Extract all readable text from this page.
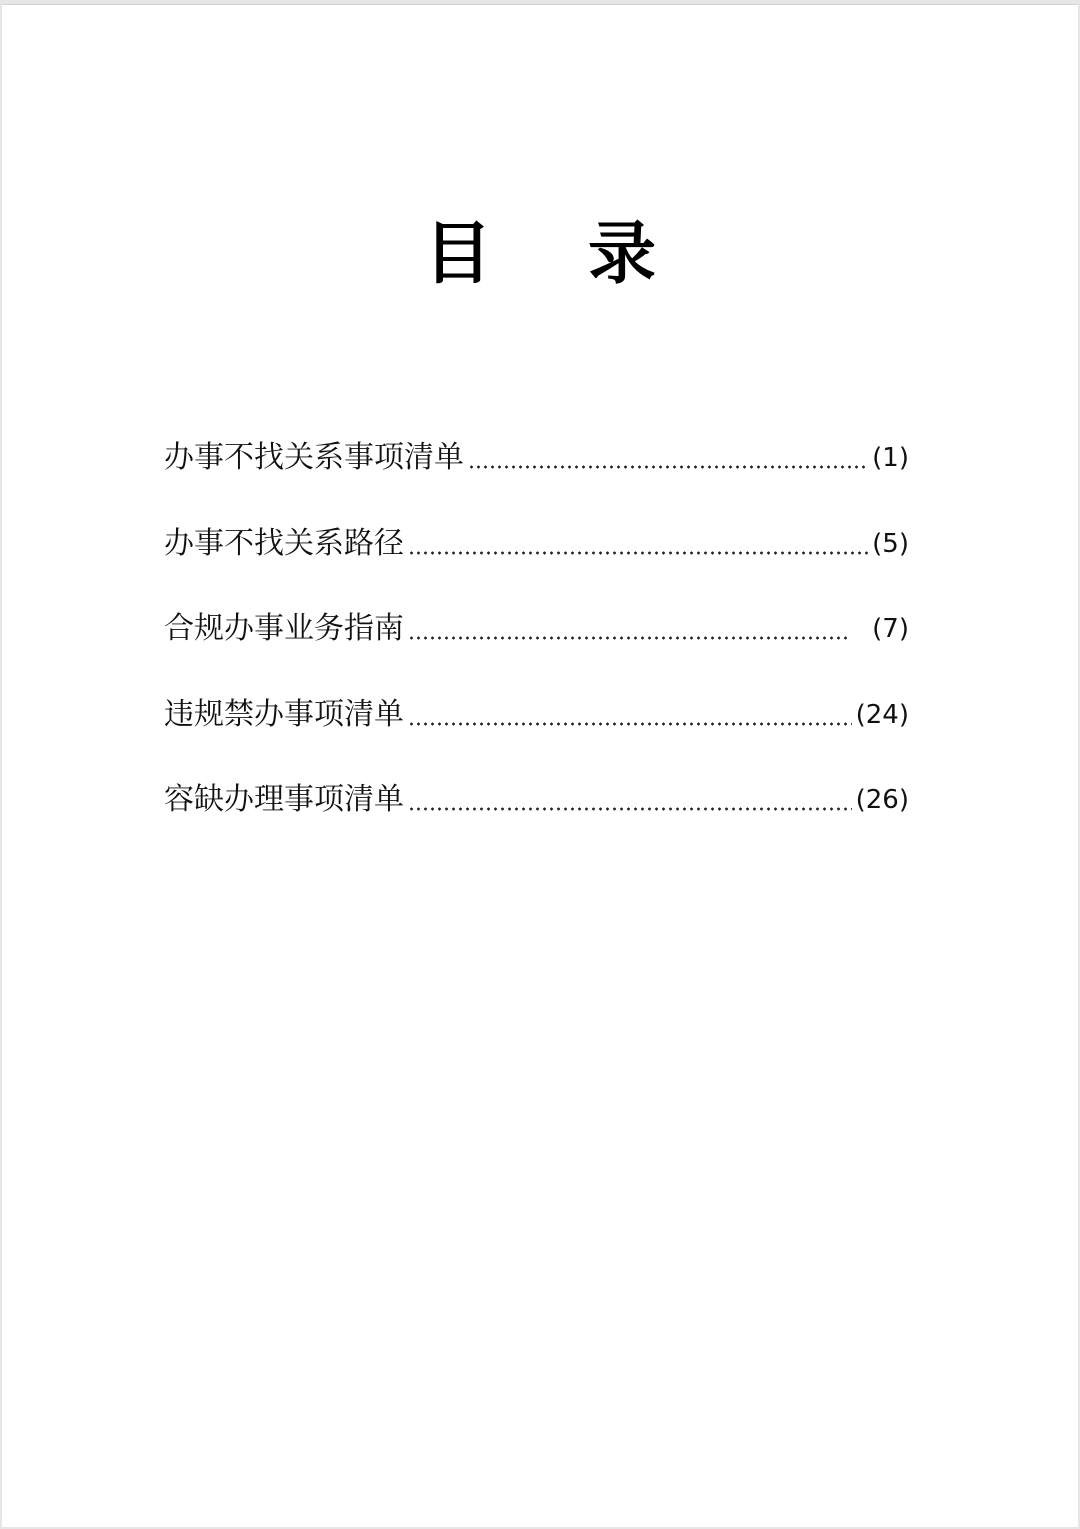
目录
办事不找关系事项清单	(1)
办事不找关系路径	(5)
合规办事业务指南	(7)
违规禁办事项清单	(24)
容缺办理事项清单	(26)
